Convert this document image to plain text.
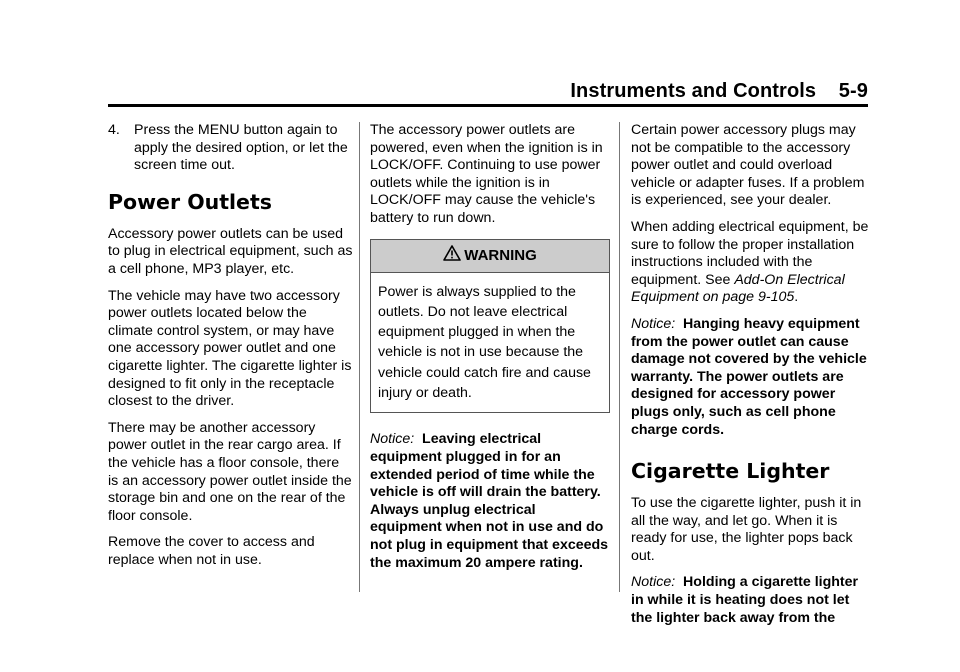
Instruments and Controls 5-9
4. Press the MENU button again to apply the desired option, or let the screen time out.
Power Outlets

Accessory power outlets can be used to plug in electrical equipment, such as a cell phone, MP3 player, etc.

The vehicle may have two accessory power outlets located below the climate control system, or may have one accessory power outlet and one cigarette lighter. The cigarette lighter is designed to fit only in the receptacle closest to the driver.

There may be another accessory power outlet in the rear cargo area. If the vehicle has a floor console, there is an accessory power outlet inside the storage bin and one on the rear of the floor console.

Remove the cover to access and replace when not in use.

The accessory power outlets are powered, even when the ignition is in LOCK/OFF. Continuing to use power outlets while the ignition is in LOCK/OFF may cause the vehicle's battery to run down.

WARNING
Power is always supplied to the outlets. Do not leave electrical equipment plugged in when the vehicle is not in use because the vehicle could catch fire and cause injury or death.

Notice: Leaving electrical equipment plugged in for an extended period of time while the vehicle is off will drain the battery. Always unplug electrical equipment when not in use and do not plug in equipment that exceeds the maximum 20 ampere rating.

Certain power accessory plugs may not be compatible to the accessory power outlet and could overload vehicle or adapter fuses. If a problem is experienced, see your dealer.

When adding electrical equipment, be sure to follow the proper installation instructions included with the equipment. See Add-On Electrical Equipment on page 9-105.

Notice: Hanging heavy equipment from the power outlet can cause damage not covered by the vehicle warranty. The power outlets are designed for accessory power plugs only, such as cell phone charge cords.

Cigarette Lighter

To use the cigarette lighter, push it in all the way, and let go. When it is ready for use, the lighter pops back out.

Notice: Holding a cigarette lighter in while it is heating does not let the lighter back away from the
